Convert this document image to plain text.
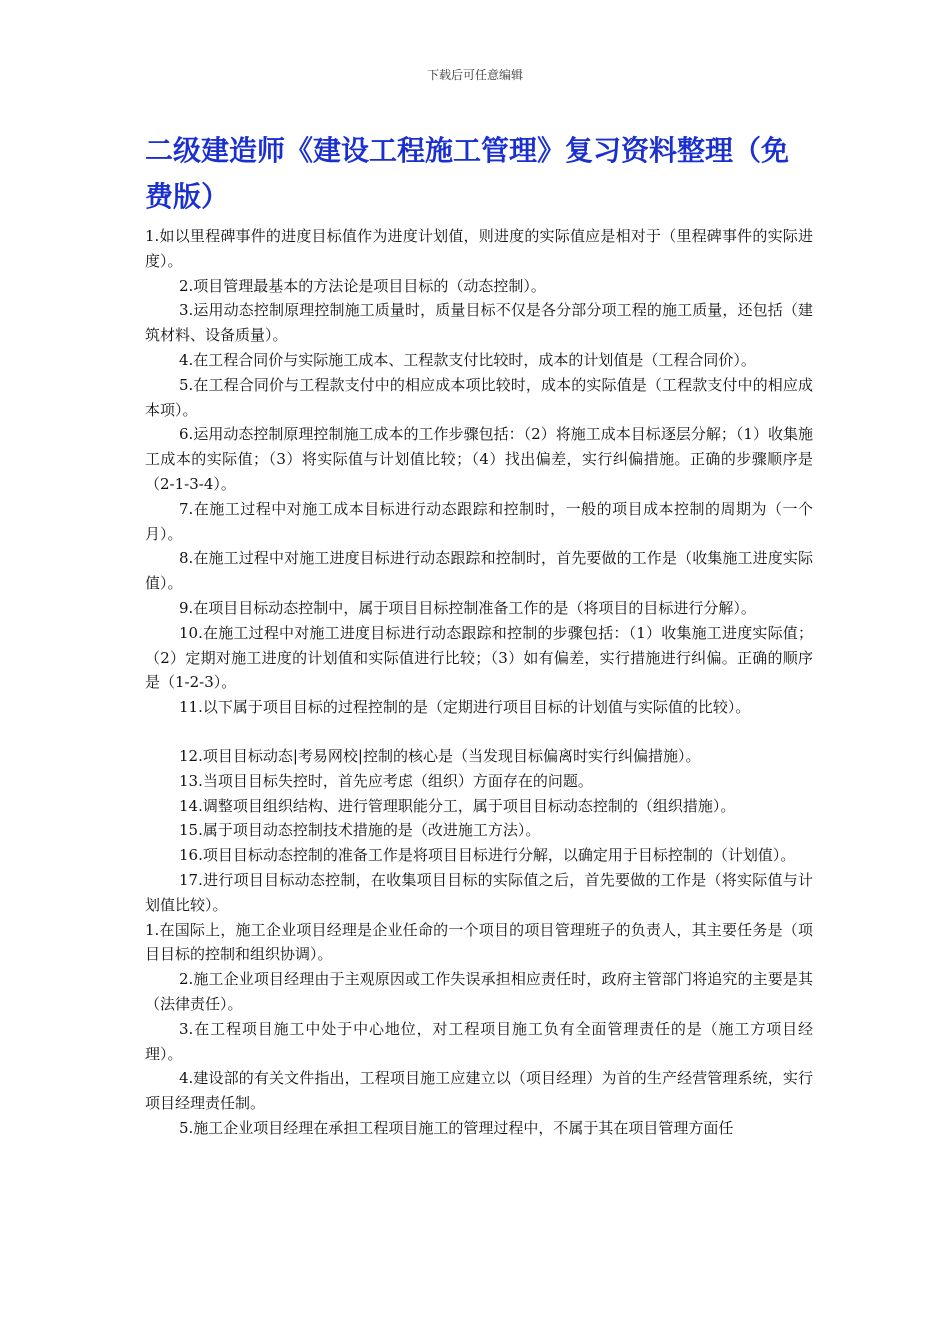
下载后可任意编辑
二级建造师《建设工程施工管理》复习资料整理（免费版）

1.如以里程碑事件的进度目标值作为进度计划值，则进度的实际值应是相对于（里程碑事件的实际进度）。

2.项目管理最基本的方法论是项目目标的（动态控制）。

3.运用动态控制原理控制施工质量时，质量目标不仅是各分部分项工程的施工质量，还包括（建筑材料、设备质量）。

4.在工程合同价与实际施工成本、工程款支付比较时，成本的计划值是（工程合同价）。

5.在工程合同价与工程款支付中的相应成本项比较时，成本的实际值是（工程款支付中的相应成本项）。

6.运用动态控制原理控制施工成本的工作步骤包括：（2）将施工成本目标逐层分解；（1）收集施工成本的实际值；（3）将实际值与计划值比较；（4）找出偏差，实行纠偏措施。正确的步骤顺序是（2-1-3-4）。

7.在施工过程中对施工成本目标进行动态跟踪和控制时，一般的项目成本控制的周期为（一个月）。

8.在施工过程中对施工进度目标进行动态跟踪和控制时，首先要做的工作是（收集施工进度实际值）。

9.在项目目标动态控制中，属于项目目标控制准备工作的是（将项目的目标进行分解）。

10.在施工过程中对施工进度目标进行动态跟踪和控制的步骤包括：（1）收集施工进度实际值；（2）定期对施工进度的计划值和实际值进行比较；（3）如有偏差，实行措施进行纠偏。正确的顺序是（1-2-3）。

11.以下属于项目目标的过程控制的是（定期进行项目目标的计划值与实际值的比较）。

12.项目目标动态|考易网校|控制的核心是（当发现目标偏离时实行纠偏措施）。

13.当项目目标失控时，首先应考虑（组织）方面存在的问题。

14.调整项目组织结构、进行管理职能分工，属于项目目标动态控制的（组织措施）。

15.属于项目动态控制技术措施的是（改进施工方法）。

16.项目目标动态控制的准备工作是将项目目标进行分解，以确定用于目标控制的（计划值）。

17.进行项目目标动态控制，在收集项目目标的实际值之后，首先要做的工作是（将实际值与计划值比较）。

1.在国际上，施工企业项目经理是企业任命的一个项目的项目管理班子的负责人，其主要任务是（项目目标的控制和组织协调）。

2.施工企业项目经理由于主观原因或工作失误承担相应责任时，政府主管部门将追究的主要是其（法律责任）。

3.在工程项目施工中处于中心地位，对工程项目施工负有全面管理责任的是（施工方项目经理）。

4.建设部的有关文件指出，工程项目施工应建立以（项目经理）为首的生产经营管理系统，实行项目经理责任制。

5.施工企业项目经理在承担工程项目施工的管理过程中，不属于其在项目管理方面任
